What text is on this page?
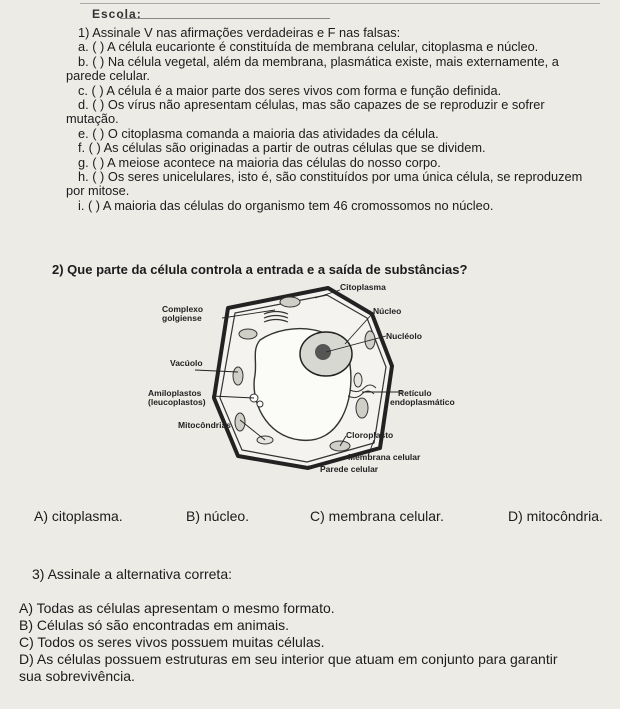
Escola:
1) Assinale V nas afirmações verdadeiras e F nas falsas:
a. ( ) A célula eucarionte é constituída de membrana celular, citoplasma e núcleo.
b. ( ) Na célula vegetal, além da membrana, plasmática existe, mais externamente, a
parede celular.
c. ( ) A célula é a maior parte dos seres vivos com forma e função definida.
d. ( ) Os vírus não apresentam células, mas são capazes de se reproduzir e sofrer
mutação.
e. ( ) O citoplasma comanda a maioria das atividades da célula.
f. ( ) As células são originadas a partir de outras células que se dividem.
g. ( ) A meiose acontece na maioria das células do nosso corpo.
h. ( ) Os seres unicelulares, isto é, são constituídos por uma única célula, se reproduzem
por mitose.
i. ( ) A maioria das células do organismo tem 46 cromossomos no núcleo.
2) Que parte da célula controla a entrada e a saída de substâncias?
Citoplasma
Complexo
golgiense
Núcleo
Nucléolo
Vacúolo
Amiloplastos
(leucoplastos)
Retículo
endoplasmático
Mitocôndrias
Cloroplasto
Membrana celular
Parede celular
A) citoplasma.	B) núcleo.	C) membrana celular.	D) mitocôndria.
3) Assinale a alternativa correta:
A) Todas as células apresentam o mesmo formato.
B) Células só são encontradas em animais.
C) Todos os seres vivos possuem muitas células.
D) As células possuem estruturas em seu interior que atuam em conjunto para garantir
sua sobrevivência.
